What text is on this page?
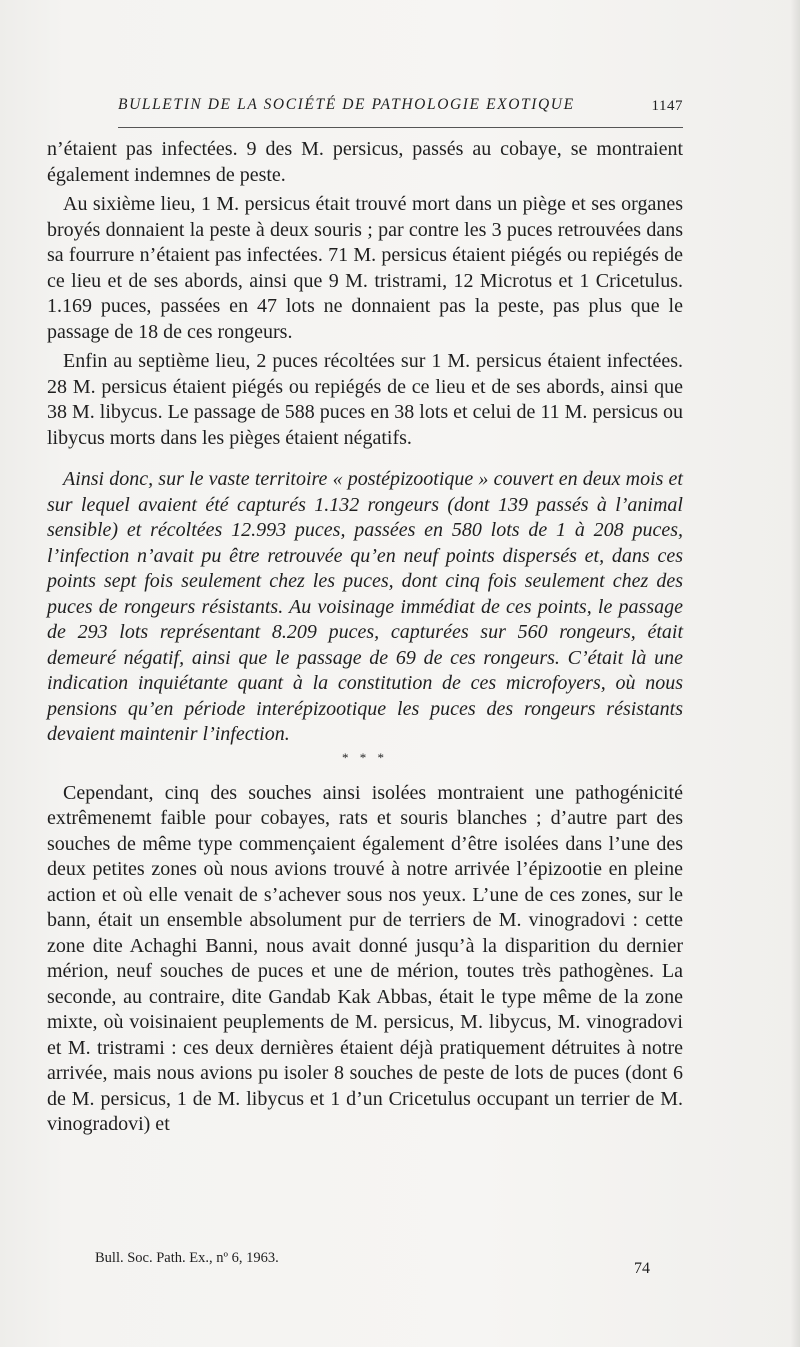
BULLETIN DE LA SOCIÉTÉ DE PATHOLOGIE EXOTIQUE	1147

n’étaient pas infectées. 9 des M. persicus, passés au cobaye, se montraient également indemnes de peste.

Au sixième lieu, 1 M. persicus était trouvé mort dans un piège et ses organes broyés donnaient la peste à deux souris ; par contre les 3 puces retrouvées dans sa fourrure n’étaient pas infectées. 71 M. persicus étaient piégés ou repiégés de ce lieu et de ses abords, ainsi que 9 M. tristrami, 12 Microtus et 1 Cricetulus. 1.169 puces, passées en 47 lots ne donnaient pas la peste, pas plus que le passage de 18 de ces rongeurs.

Enfin au septième lieu, 2 puces récoltées sur 1 M. persicus étaient infectées. 28 M. persicus étaient piégés ou repiégés de ce lieu et de ses abords, ainsi que 38 M. libycus. Le passage de 588 puces en 38 lots et celui de 11 M. persicus ou libycus morts dans les pièges étaient négatifs.

Ainsi donc, sur le vaste territoire « postépizootique » couvert en deux mois et sur lequel avaient été capturés 1.132 rongeurs (dont 139 passés à l’animal sensible) et récoltées 12.993 puces, passées en 580 lots de 1 à 208 puces, l’infection n’avait pu être retrouvée qu’en neuf points dispersés et, dans ces points sept fois seulement chez les puces, dont cinq fois seulement chez des puces de rongeurs résistants. Au voisinage immédiat de ces points, le passage de 293 lots représentant 8.209 puces, capturées sur 560 rongeurs, était demeuré négatif, ainsi que le passage de 69 de ces rongeurs. C’était là une indication inquiétante quant à la constitution de ces microfoyers, où nous pensions qu’en période interépizootique les puces des rongeurs résistants devaient maintenir l’infection.

* * *

Cependant, cinq des souches ainsi isolées montraient une pathogénicité extrêmenemt faible pour cobayes, rats et souris blanches ; d’autre part des souches de même type commençaient également d’être isolées dans l’une des deux petites zones où nous avions trouvé à notre arrivée l’épizootie en pleine action et où elle venait de s’achever sous nos yeux. L’une de ces zones, sur le bann, était un ensemble absolument pur de terriers de M. vinogradovi : cette zone dite Achaghi Banni, nous avait donné jusqu’à la disparition du dernier mérion, neuf souches de puces et une de mérion, toutes très pathogènes. La seconde, au contraire, dite Gandab Kak Abbas, était le type même de la zone mixte, où voisinaient peuplements de M. persicus, M. libycus, M. vinogradovi et M. tristrami : ces deux dernières étaient déjà pratiquement détruites à notre arrivée, mais nous avions pu isoler 8 souches de peste de lots de puces (dont 6 de M. persicus, 1 de M. libycus et 1 d’un Cricetulus occupant un terrier de M. vinogradovi) et

Bull. Soc. Path. Ex., nº 6, 1963.
74
